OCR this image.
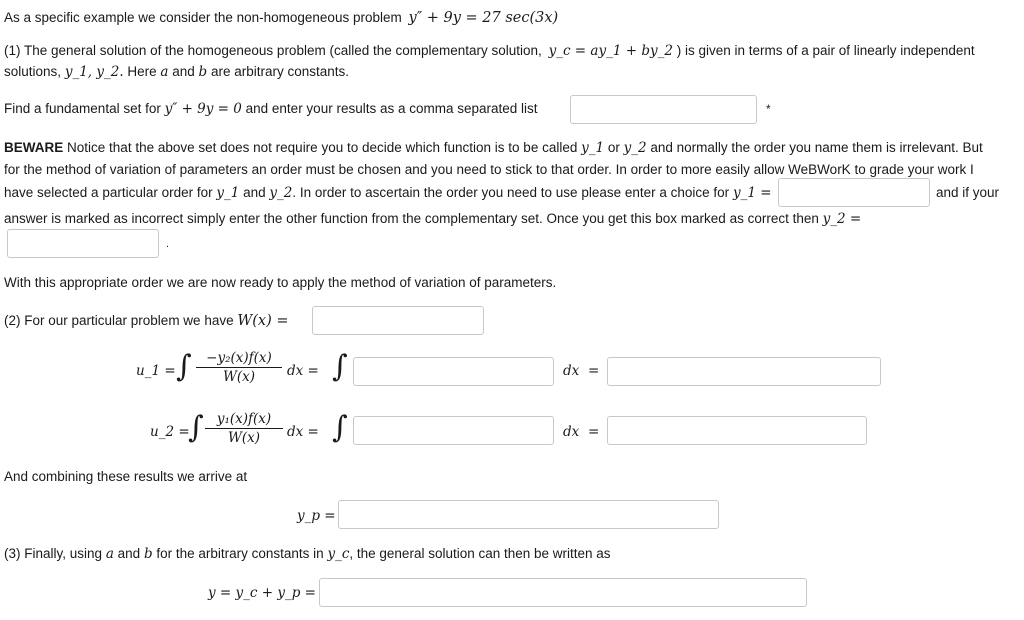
As a specific example we consider the non-homogeneous problem y″ + 9y = 27 sec(3x)
(1) The general solution of the homogeneous problem (called the complementary solution, y_c = ay_1 + by_2 ) is given in terms of a pair of linearly independent
solutions, y_1, y_2. Here a and b are arbitrary constants.
Find a fundamental set for y″ + 9y = 0 and enter your results as a comma separated list	*
BEWARE Notice that the above set does not require you to decide which function is to be called y_1 or y_2 and normally the order you name them is irrelevant. But
for the method of variation of parameters an order must be chosen and you need to stick to that order. In order to more easily allow WeBWorK to grade your work I
have selected a particular order for y_1 and y_2. In order to ascertain the order you need to use please enter a choice for y_1 =	and if your
answer is marked as incorrect simply enter the other function from the complementary set. Once you get this box marked as correct then y_2 =
.
With this appropriate order we are now ready to apply the method of variation of parameters.
(2) For our particular problem we have W(x) =
u_1 = ∫ $\frac{\text{−y₂(x)f(x)}}{W(x)}$ dx = ∫	dx =
u_2 =
∫ $\frac{\text{y₁(x)f(x)}}{W(x)}$ dx = ∫	dx =
And combining these results we arrive at
y_p =
(3) Finally, using a and b for the arbitrary constants in y_c, the general solution can then be written as
y = y_c + y_p =
